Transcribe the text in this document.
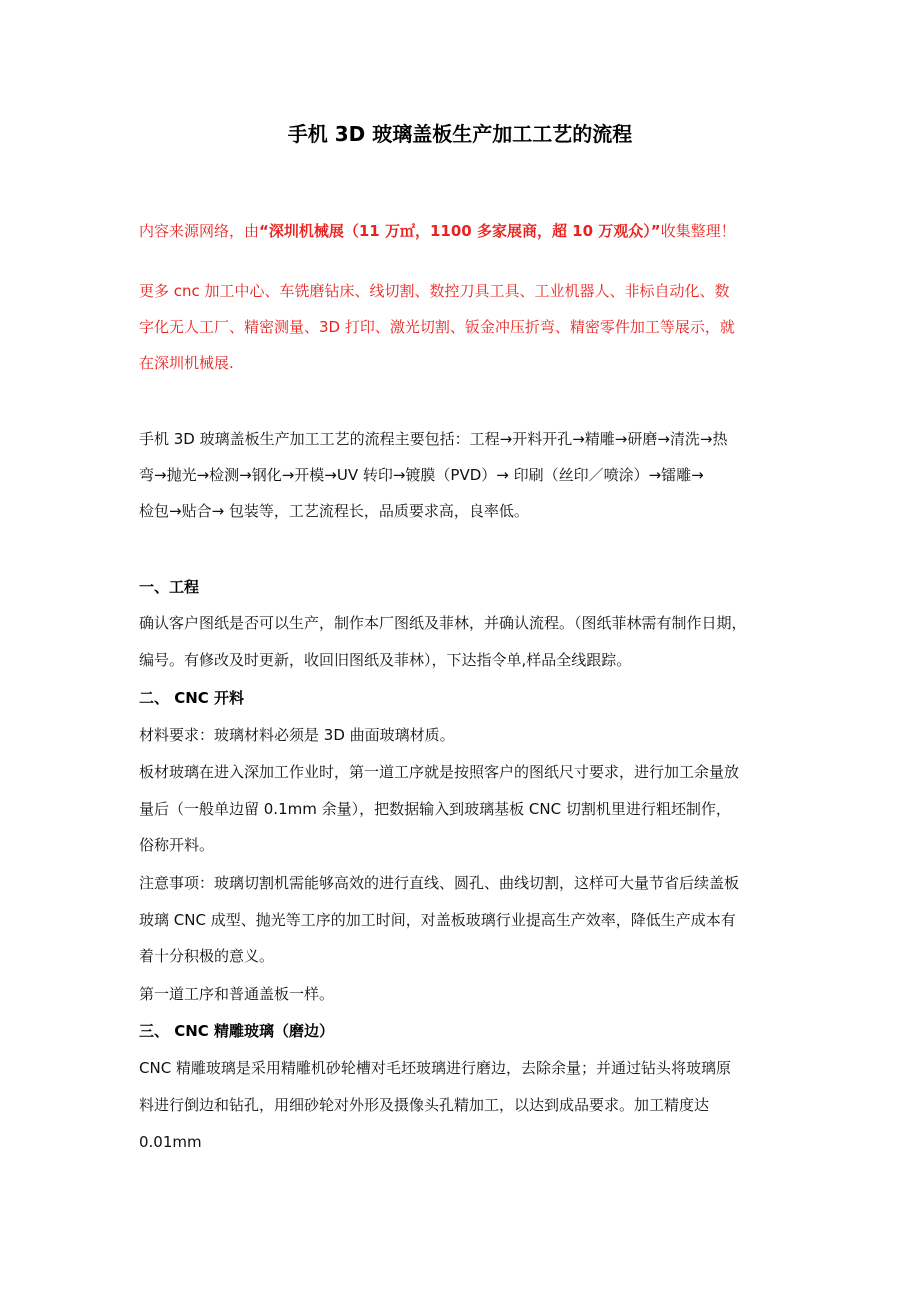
手机 3D 玻璃盖板生产加工工艺的流程
内容来源网络，由“深圳机械展（11 万㎡，1100 多家展商，超 10 万观众）”收集整理！
更多 cnc 加工中心、车铣磨钻床、线切割、数控刀具工具、工业机器人、非标自动化、数
字化无人工厂、精密测量、3D 打印、激光切割、钣金冲压折弯、精密零件加工等展示，就
在深圳机械展.
手机 3D 玻璃盖板生产加工工艺的流程主要包括：工程→开料开孔→精雕→研磨→清洗→热
弯→抛光→检测→钢化→开模→UV 转印→镀膜（PVD）→ 印刷（丝印／喷涂）→镭雕→
检包→贴合→ 包装等，工艺流程长，品质要求高，良率低。
一、工程
确认客户图纸是否可以生产，制作本厂图纸及菲林，并确认流程。（图纸菲林需有制作日期，
编号。有修改及时更新，收回旧图纸及菲林），下达指令单,样品全线跟踪。
二、 CNC 开料
材料要求：玻璃材料必须是 3D 曲面玻璃材质。
板材玻璃在进入深加工作业时，第一道工序就是按照客户的图纸尺寸要求，进行加工余量放
量后（一般单边留 0.1mm 余量），把数据输入到玻璃基板 CNC 切割机里进行粗坯制作，
俗称开料。
注意事项：玻璃切割机需能够高效的进行直线、圆孔、曲线切割，这样可大量节省后续盖板
玻璃 CNC 成型、抛光等工序的加工时间，对盖板玻璃行业提高生产效率，降低生产成本有
着十分积极的意义。
第一道工序和普通盖板一样。
三、 CNC 精雕玻璃（磨边）
CNC 精雕玻璃是采用精雕机砂轮槽对毛坯玻璃进行磨边，去除余量；并通过钻头将玻璃原
料进行倒边和钻孔，用细砂轮对外形及摄像头孔精加工，以达到成品要求。加工精度达
0.01mm
